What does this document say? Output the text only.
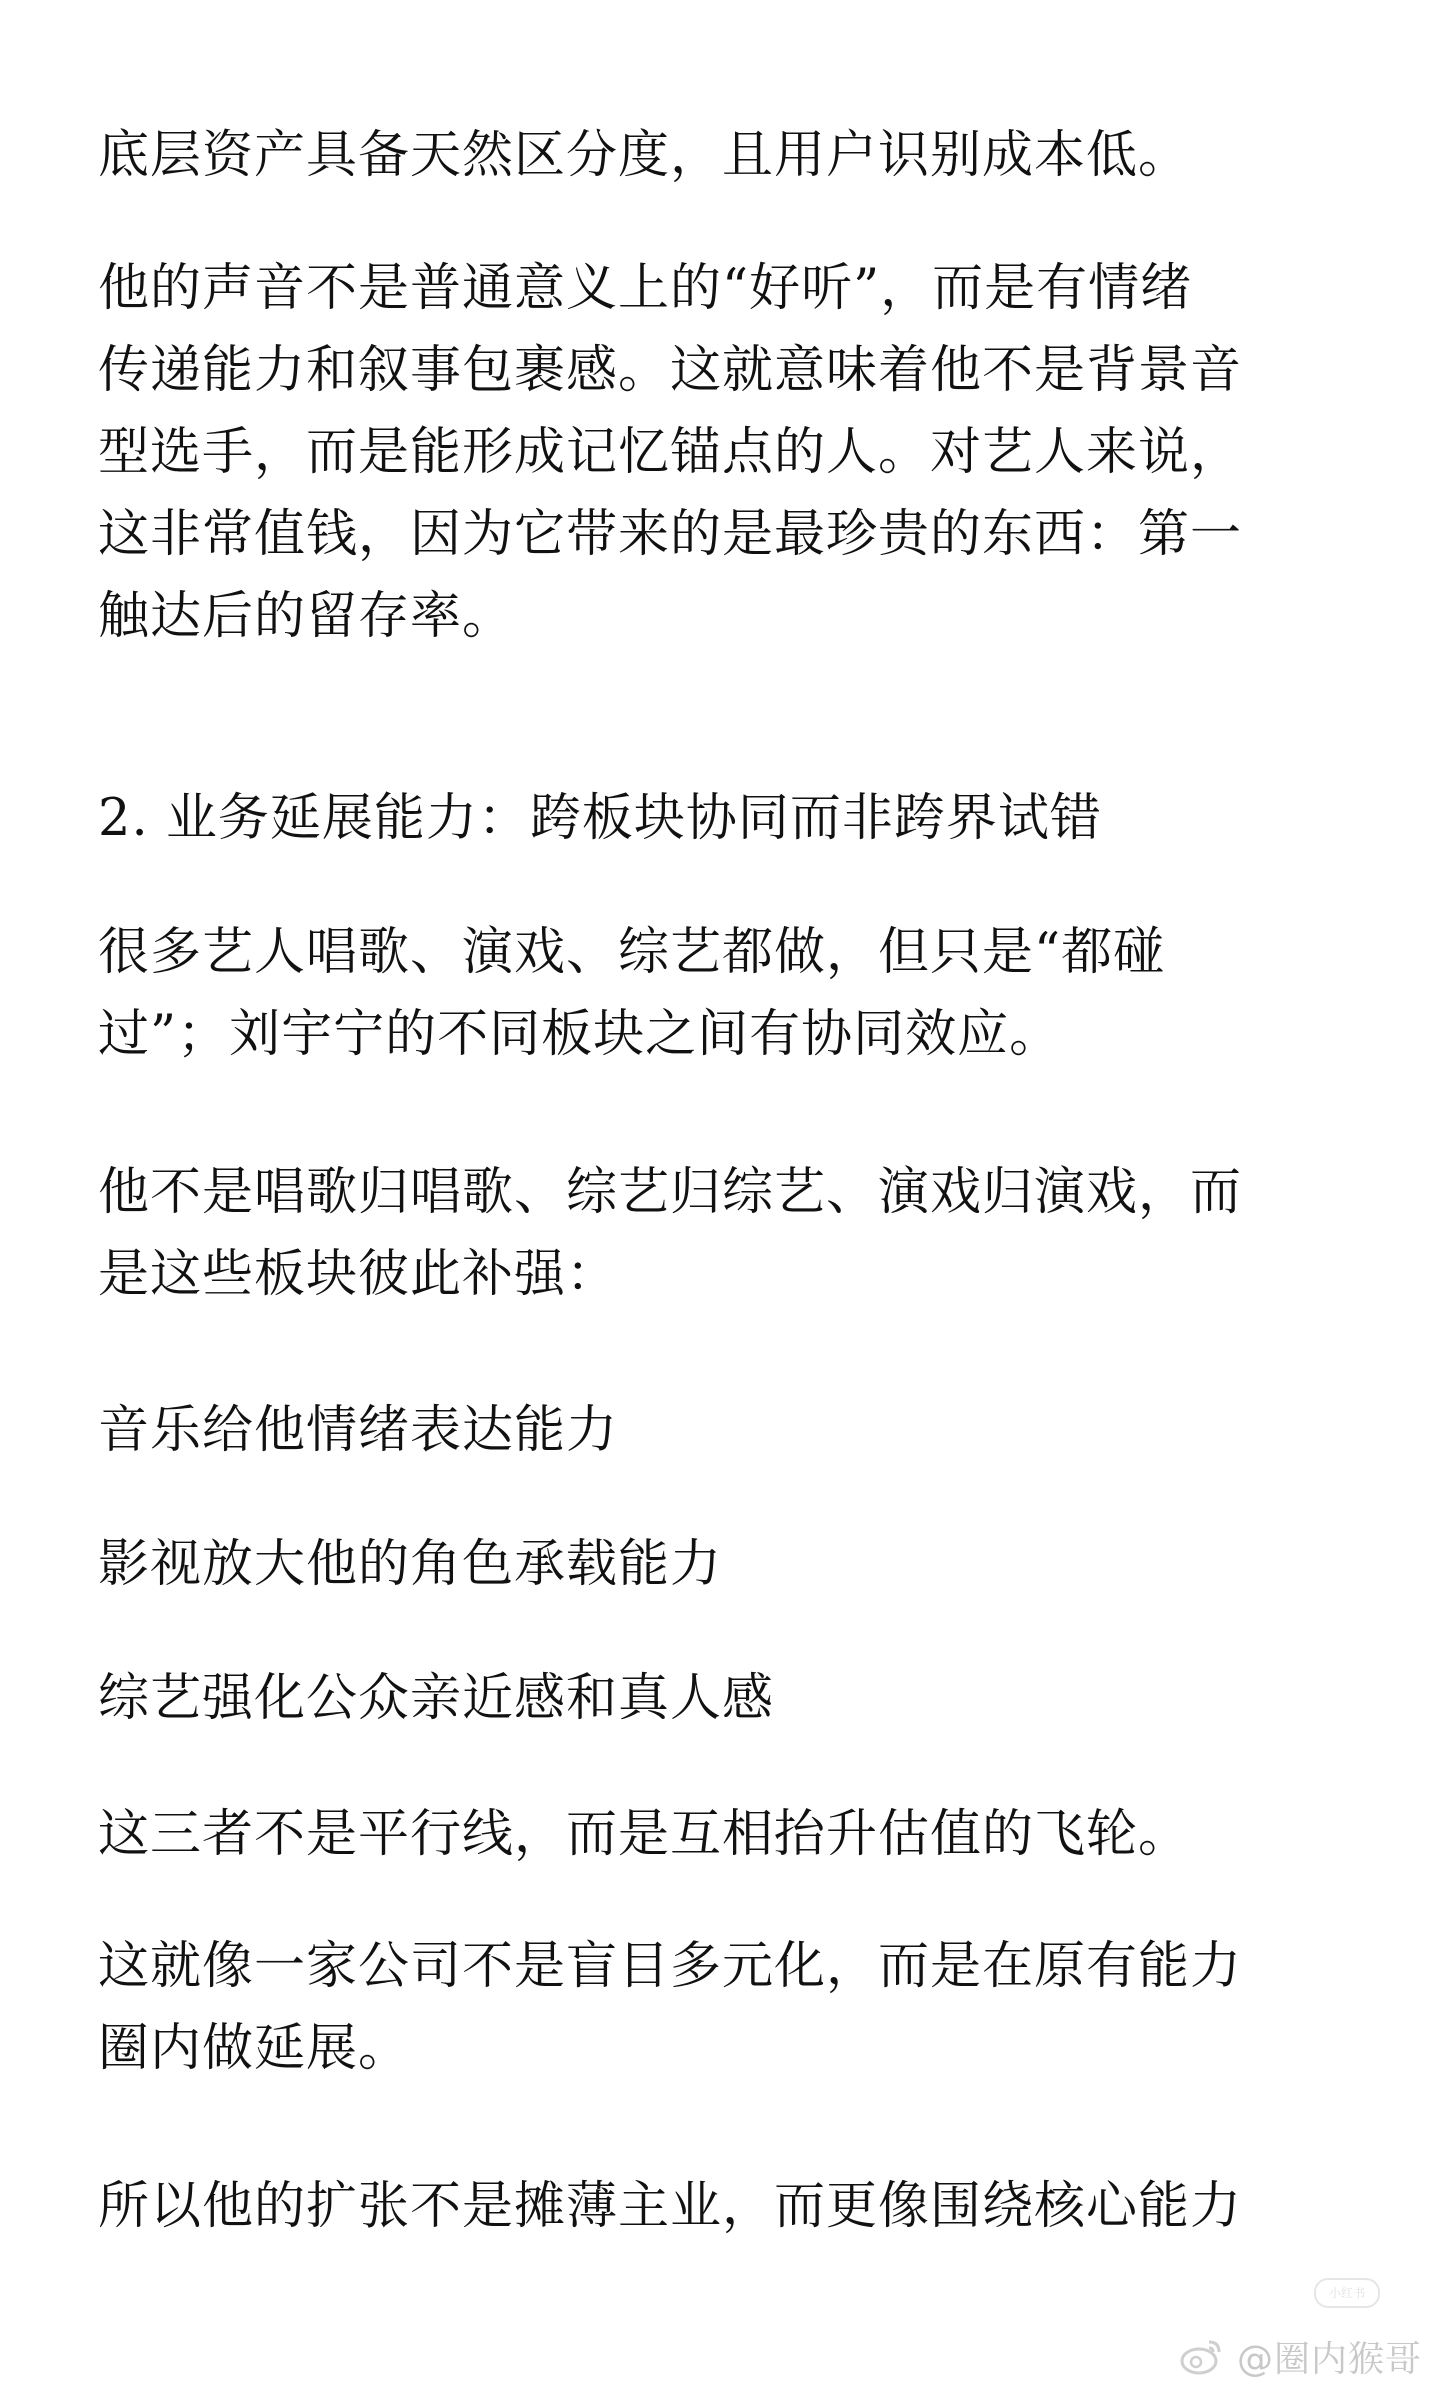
底层资产具备天然区分度，且用户识别成本低。

他的声音不是普通意义上的“好听”，而是有情绪
传递能力和叙事包裹感。这就意味着他不是背景音
型选手，而是能形成记忆锚点的人。对艺人来说，
这非常值钱，因为它带来的是最珍贵的东西：第一
触达后的留存率。

2. 业务延展能力：跨板块协同而非跨界试错

很多艺人唱歌、演戏、综艺都做，但只是“都碰
过”；刘宇宁的不同板块之间有协同效应。

他不是唱歌归唱歌、综艺归综艺、演戏归演戏，而
是这些板块彼此补强：

音乐给他情绪表达能力

影视放大他的角色承载能力

综艺强化公众亲近感和真人感

这三者不是平行线，而是互相抬升估值的飞轮。

这就像一家公司不是盲目多元化，而是在原有能力
圈内做延展。

所以他的扩张不是摊薄主业，而更像围绕核心能力

小红书
@圈内猴哥
